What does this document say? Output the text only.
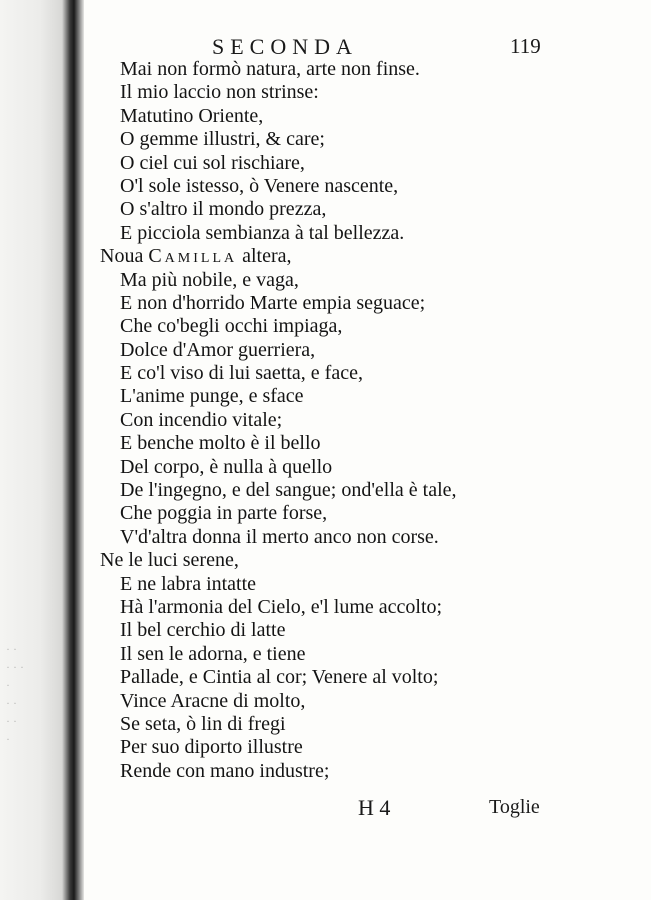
· ·
· · ·
·
· ·
· ·
·
SECONDA	119
Mai non formò natura, arte non finse.
Il mio laccio non strinse:
Matutino Oriente,
O gemme illustri, & care;
O ciel cui sol rischiare,
O'l sole istesso, ò Venere nascente,
O s'altro il mondo prezza,
E picciola sembianza à tal bellezza.
Noua Camilla altera,
Ma più nobile, e vaga,
E non d'horrido Marte empia seguace;
Che co'begli occhi impiaga,
Dolce d'Amor guerriera,
E co'l viso di lui saetta, e face,
L'anime punge, e sface
Con incendio vitale;
E benche molto è il bello
Del corpo, è nulla à quello
De l'ingegno, e del sangue; ond'ella è tale,
Che poggia in parte forse,
V'd'altra donna il merto anco non corse.
Ne le luci serene,
E ne labra intatte
Hà l'armonia del Cielo, e'l lume accolto;
Il bel cerchio di latte
Il sen le adorna, e tiene
Pallade, e Cintia al cor; Venere al volto;
Vince Aracne di molto,
Se seta, ò lin di fregi
Per suo diporto illustre
Rende con mano industre;
H 4	Toglie
